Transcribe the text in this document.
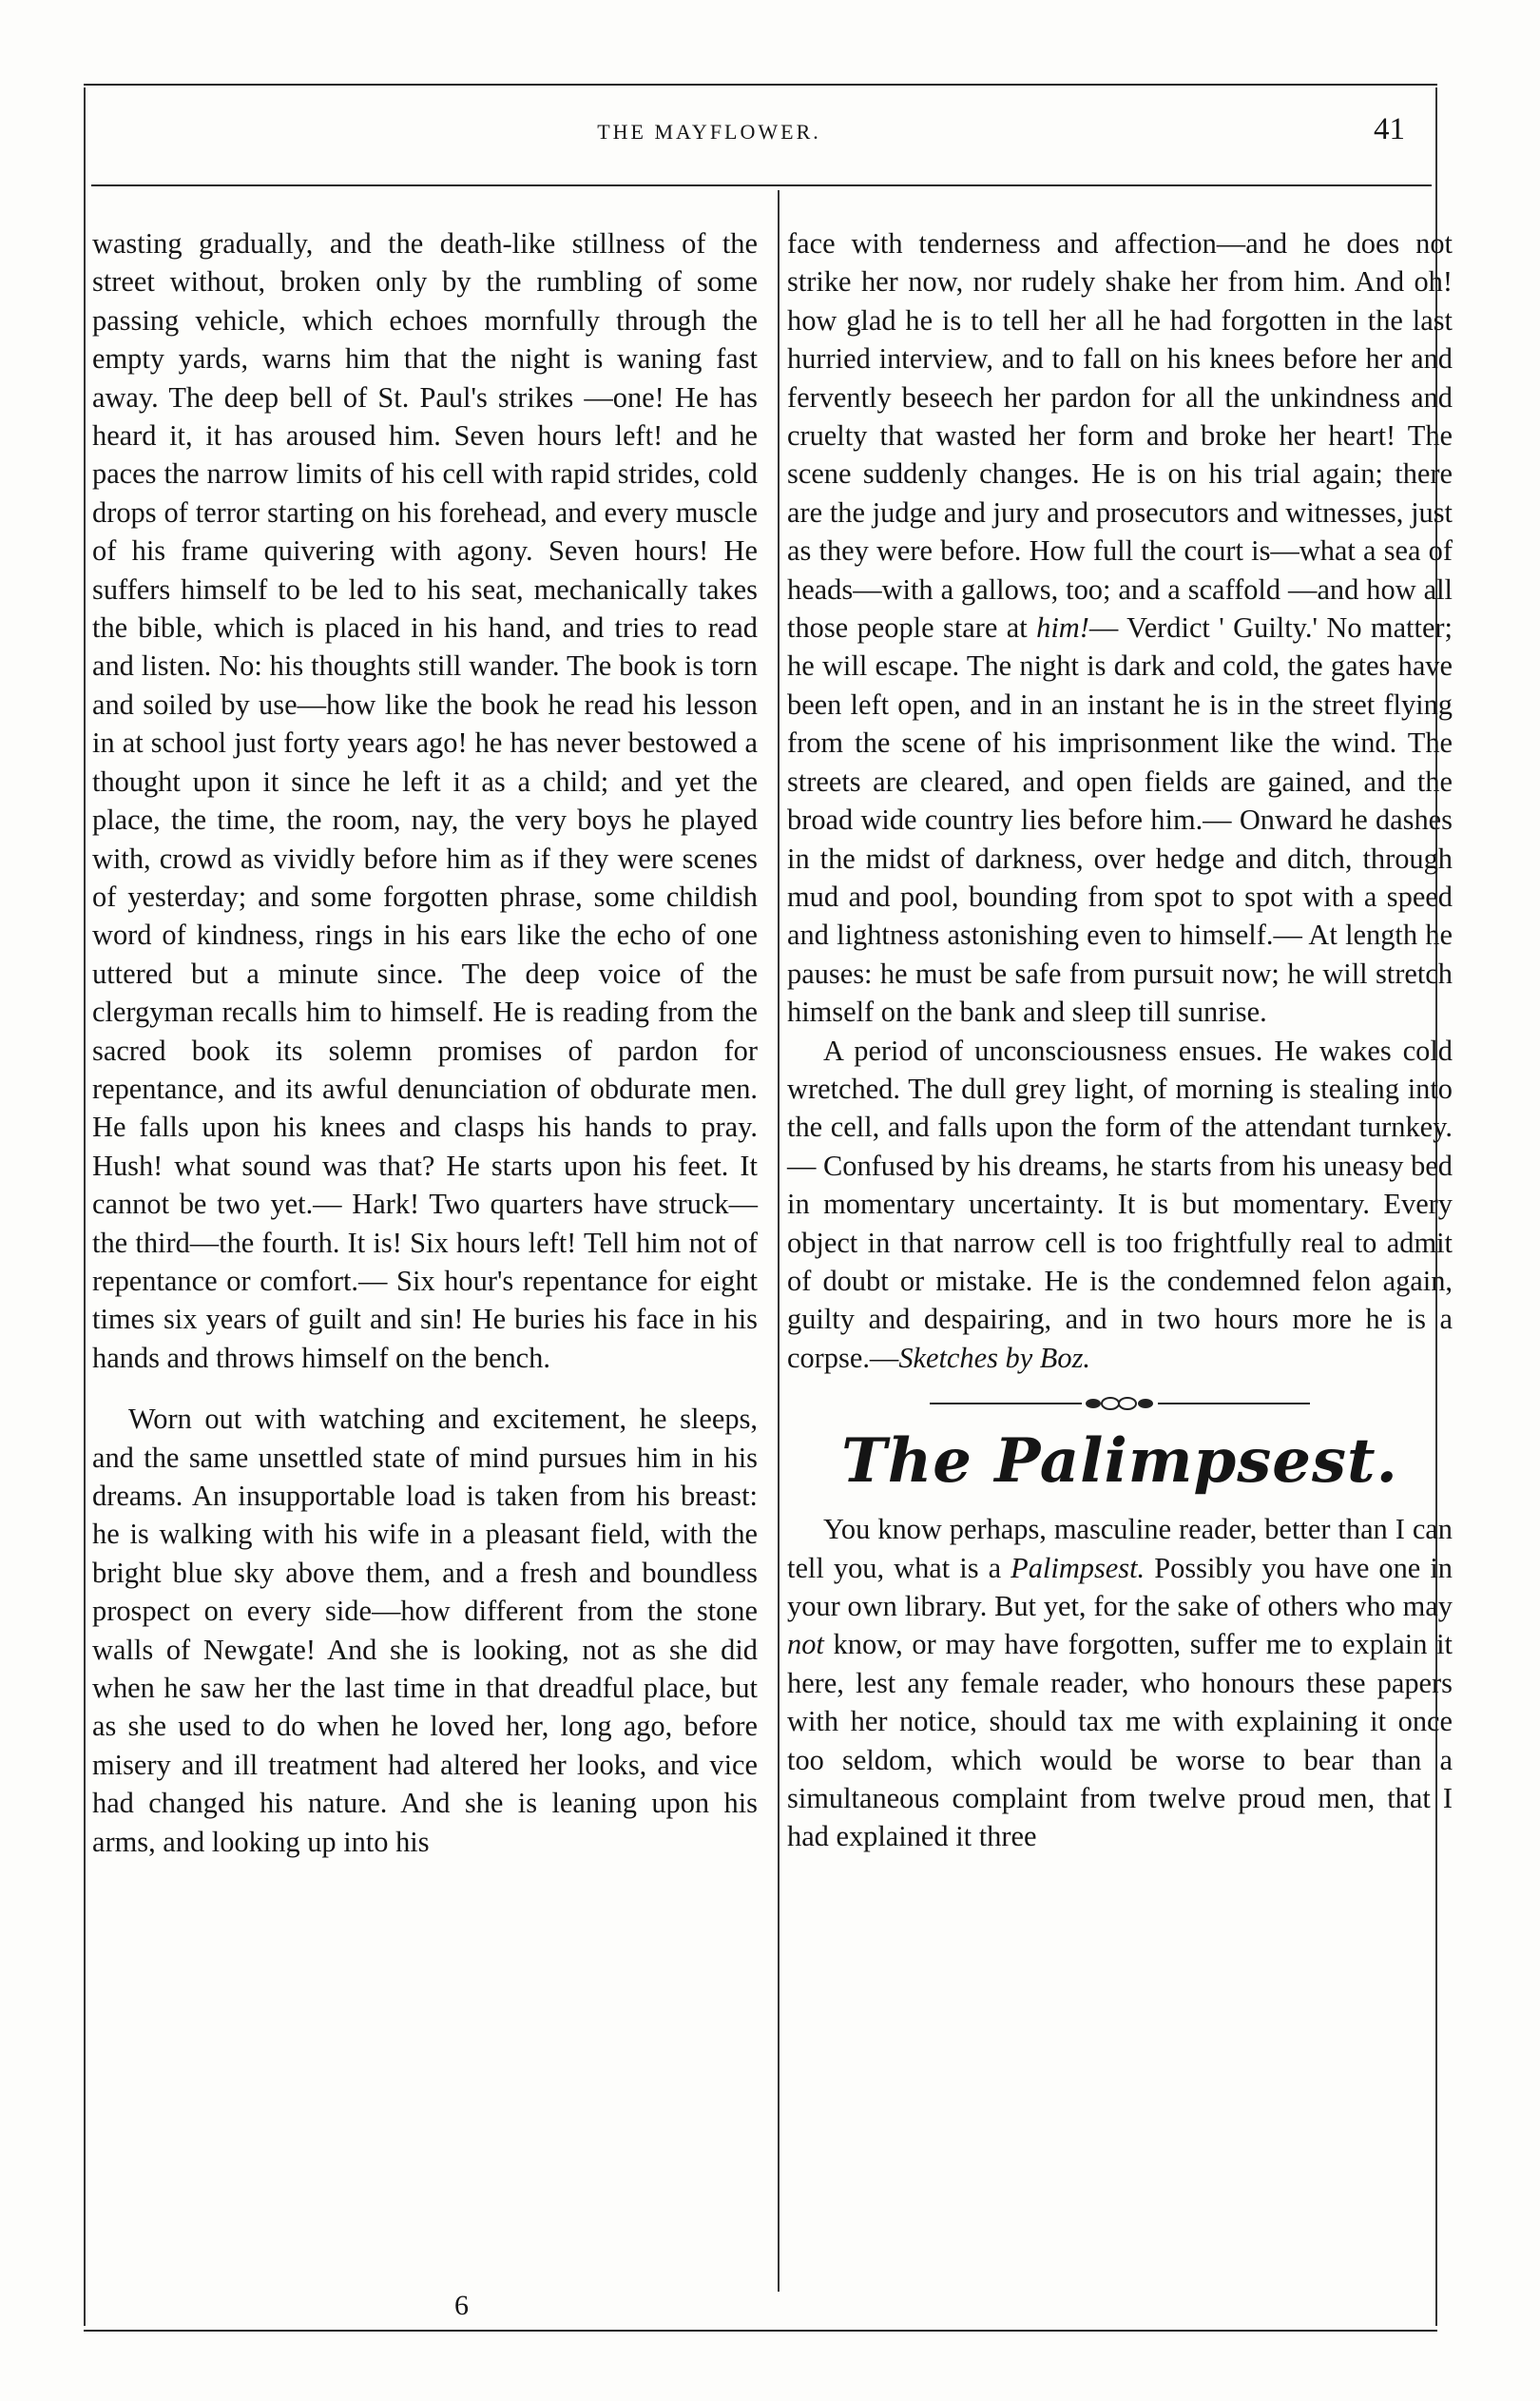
THE MAYFLOWER.	41

wasting gradually, and the death-like stillness of the street without, broken only by the rumbling of some passing vehicle, which echoes mornfully through the empty yards, warns him that the night is waning fast away. The deep bell of St. Paul's strikes —one! He has heard it, it has aroused him. Seven hours left! and he paces the narrow limits of his cell with rapid strides, cold drops of terror starting on his forehead, and every muscle of his frame quivering with agony. Seven hours! He suffers himself to be led to his seat, mechanically takes the bible, which is placed in his hand, and tries to read and listen. No: his thoughts still wander. The book is torn and soiled by use—how like the book he read his lesson in at school just forty years ago! he has never bestowed a thought upon it since he left it as a child; and yet the place, the time, the room, nay, the very boys he played with, crowd as vividly before him as if they were scenes of yesterday; and some forgotten phrase, some childish word of kindness, rings in his ears like the echo of one uttered but a minute since. The deep voice of the clergyman recalls him to himself. He is reading from the sacred book its solemn promises of pardon for repentance, and its awful denunciation of obdurate men. He falls upon his knees and clasps his hands to pray. Hush! what sound was that? He starts upon his feet. It cannot be two yet.— Hark! Two quarters have struck—the third—the fourth. It is! Six hours left! Tell him not of repentance or comfort.— Six hour's repentance for eight times six years of guilt and sin! He buries his face in his hands and throws himself on the bench.

Worn out with watching and excitement, he sleeps, and the same unsettled state of mind pursues him in his dreams. An insupportable load is taken from his breast: he is walking with his wife in a pleasant field, with the bright blue sky above them, and a fresh and boundless prospect on every side—how different from the stone walls of Newgate! And she is looking, not as she did when he saw her the last time in that dreadful place, but as she used to do when he loved her, long ago, before misery and ill treatment had altered her looks, and vice had changed his nature. And she is leaning upon his arms, and looking up into his

face with tenderness and affection—and he does not strike her now, nor rudely shake her from him. And oh! how glad he is to tell her all he had forgotten in the last hurried interview, and to fall on his knees before her and fervently beseech her pardon for all the unkindness and cruelty that wasted her form and broke her heart! The scene suddenly changes. He is on his trial again; there are the judge and jury and prosecutors and witnesses, just as they were before. How full the court is—what a sea of heads—with a gallows, too; and a scaffold —and how all those people stare at him!— Verdict ' Guilty.' No matter; he will escape. The night is dark and cold, the gates have been left open, and in an instant he is in the street flying from the scene of his imprisonment like the wind. The streets are cleared, and open fields are gained, and the broad wide country lies before him.— Onward he dashes in the midst of darkness, over hedge and ditch, through mud and pool, bounding from spot to spot with a speed and lightness astonishing even to himself.— At length he pauses: he must be safe from pursuit now; he will stretch himself on the bank and sleep till sunrise.

A period of unconsciousness ensues. He wakes cold wretched. The dull grey light, of morning is stealing into the cell, and falls upon the form of the attendant turnkey.— Confused by his dreams, he starts from his uneasy bed in momentary uncertainty. It is but momentary. Every object in that narrow cell is too frightfully real to admit of doubt or mistake. He is the condemned felon again, guilty and despairing, and in two hours more he is a corpse.—Sketches by Boz.

The Palimpsest.

You know perhaps, masculine reader, better than I can tell you, what is a Palimpsest. Possibly you have one in your own library. But yet, for the sake of others who may not know, or may have forgotten, suffer me to explain it here, lest any female reader, who honours these papers with her notice, should tax me with explaining it once too seldom, which would be worse to bear than a simultaneous complaint from twelve proud men, that I had explained it three

6
